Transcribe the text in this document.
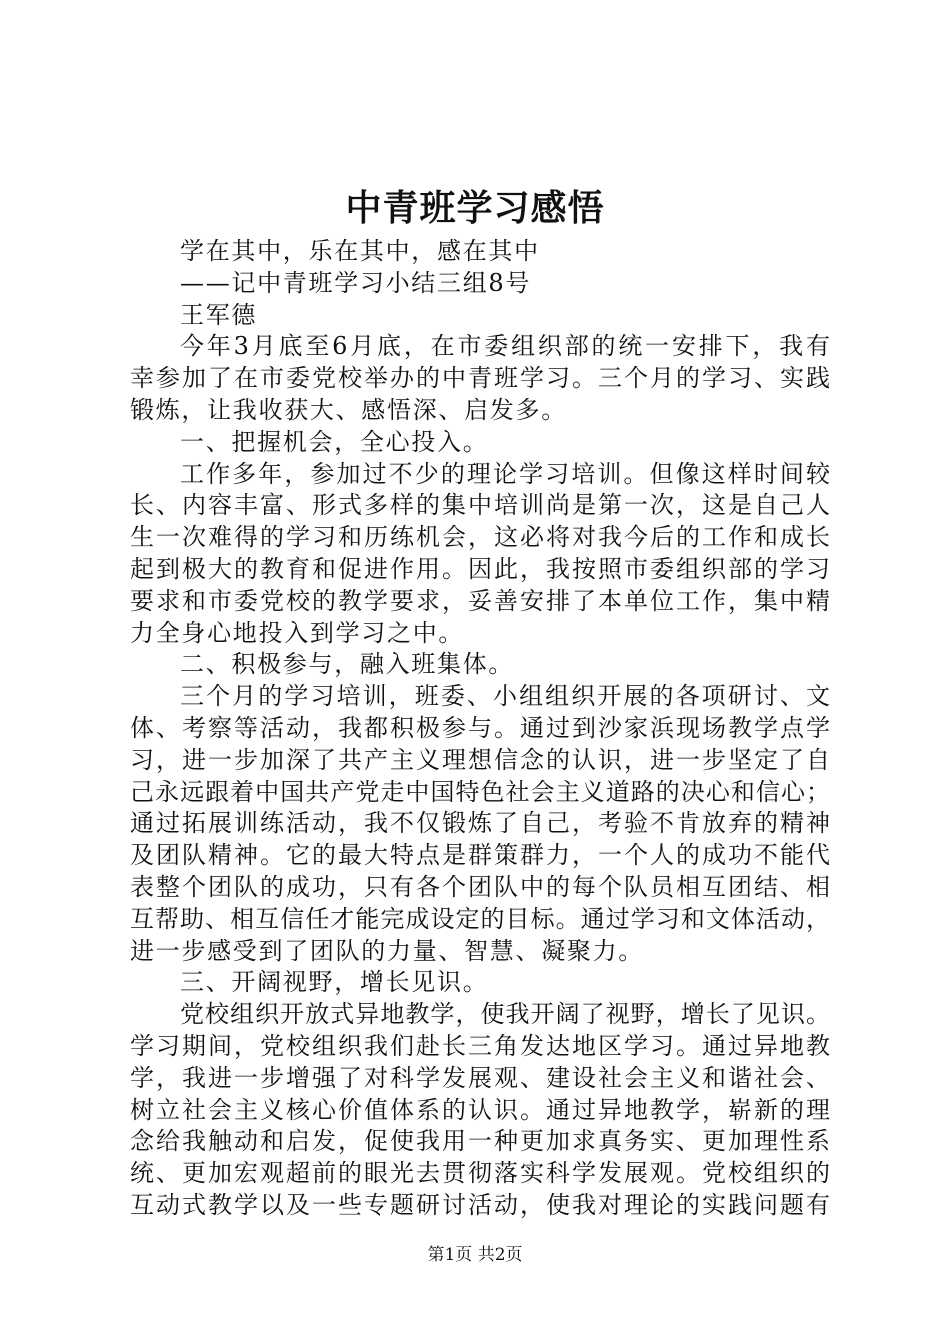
中青班学习感悟
学在其中，乐在其中，感在其中
——记中青班学习小结三组8号
王军德
今年3月底至6月底，在市委组织部的统一安排下，我有
幸参加了在市委党校举办的中青班学习。三个月的学习、实践
锻炼，让我收获大、感悟深、启发多。
一、把握机会，全心投入。
工作多年，参加过不少的理论学习培训。但像这样时间较
长、内容丰富、形式多样的集中培训尚是第一次，这是自己人
生一次难得的学习和历练机会，这必将对我今后的工作和成长
起到极大的教育和促进作用。因此，我按照市委组织部的学习
要求和市委党校的教学要求，妥善安排了本单位工作，集中精
力全身心地投入到学习之中。
二、积极参与，融入班集体。
三个月的学习培训，班委、小组组织开展的各项研讨、文
体、考察等活动，我都积极参与。通过到沙家浜现场教学点学
习，进一步加深了共产主义理想信念的认识，进一步坚定了自
己永远跟着中国共产党走中国特色社会主义道路的决心和信心；
通过拓展训练活动，我不仅锻炼了自己，考验不肯放弃的精神
及团队精神。它的最大特点是群策群力，一个人的成功不能代
表整个团队的成功，只有各个团队中的每个队员相互团结、相
互帮助、相互信任才能完成设定的目标。通过学习和文体活动，
进一步感受到了团队的力量、智慧、凝聚力。
三、开阔视野，增长见识。
党校组织开放式异地教学，使我开阔了视野，增长了见识。
学习期间，党校组织我们赴长三角发达地区学习。通过异地教
学，我进一步增强了对科学发展观、建设社会主义和谐社会、
树立社会主义核心价值体系的认识。通过异地教学，崭新的理
念给我触动和启发，促使我用一种更加求真务实、更加理性系
统、更加宏观超前的眼光去贯彻落实科学发展观。党校组织的
互动式教学以及一些专题研讨活动，使我对理论的实践问题有
第1页 共2页
